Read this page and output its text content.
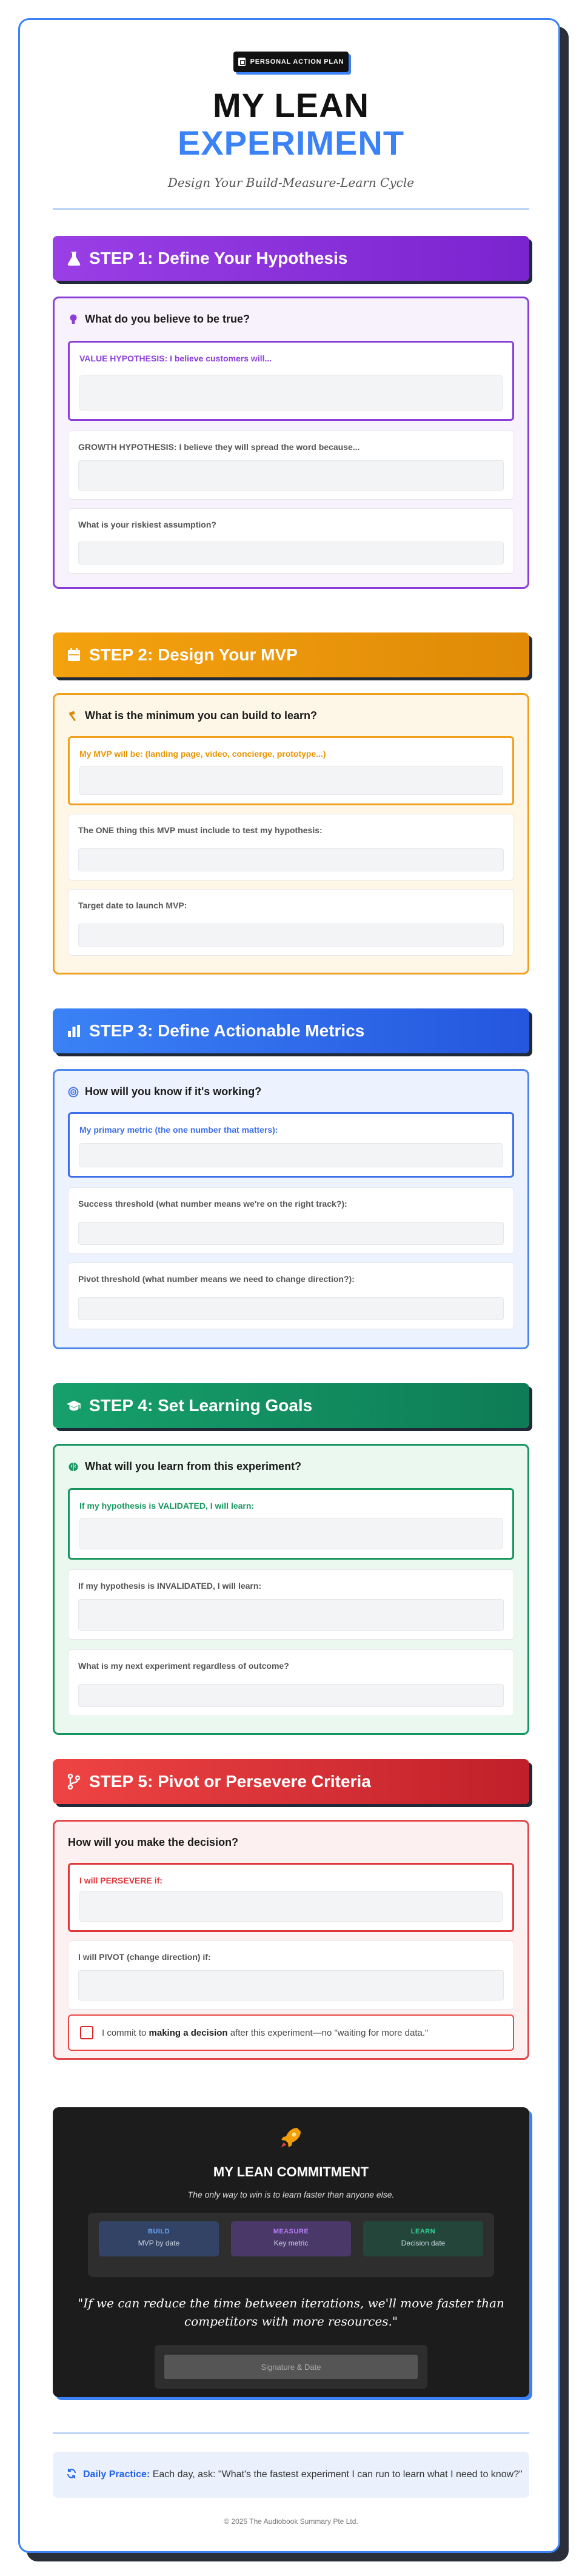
PERSONAL ACTION PLAN
MY LEAN
EXPERIMENT
Design Your Build-Measure-Learn Cycle
STEP 1: Define Your Hypothesis
What do you believe to be true?
VALUE HYPOTHESIS: I believe customers will...
GROWTH HYPOTHESIS: I believe they will spread the word because...
What is your riskiest assumption?
STEP 2: Design Your MVP
What is the minimum you can build to learn?
My MVP will be: (landing page, video, concierge, prototype...)
The ONE thing this MVP must include to test my hypothesis:
Target date to launch MVP:
STEP 3: Define Actionable Metrics
How will you know if it's working?
My primary metric (the one number that matters):
Success threshold (what number means we're on the right track?):
Pivot threshold (what number means we need to change direction?):
STEP 4: Set Learning Goals
What will you learn from this experiment?
If my hypothesis is VALIDATED, I will learn:
If my hypothesis is INVALIDATED, I will learn:
What is my next experiment regardless of outcome?
STEP 5: Pivot or Persevere Criteria
How will you make the decision?
I will PERSEVERE if:
I will PIVOT (change direction) if:
I commit to making a decision after this experiment—no "waiting for more data."
MY LEAN COMMITMENT
The only way to win is to learn faster than anyone else.
BUILD
MVP by date
MEASURE
Key metric
LEARN
Decision date
"If we can reduce the time between iterations, we'll move faster than competitors with more resources."
Signature & Date
Daily Practice: Each day, ask: "What's the fastest experiment I can run to learn what I need to know?"
© 2025 The Audiobook Summary Pte Ltd.
